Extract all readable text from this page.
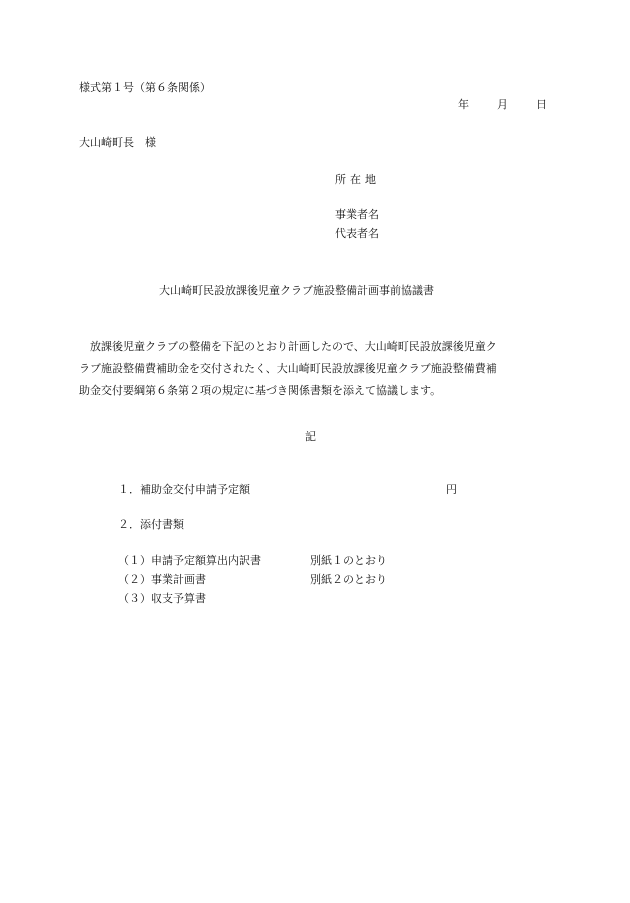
様式第１号（第６条関係）
年	月	日
大山崎町長　様
所在地
事業者名
代表者名
大山崎町民設放課後児童クラブ施設整備計画事前協議書

　放課後児童クラブの整備を下記のとおり計画したので、大山崎町民設放課後児童ク

ラブ施設整備費補助金を交付されたく、大山崎町民設放課後児童クラブ施設整備費補

助金交付要綱第６条第２項の規定に基づき関係書類を添えて協議します。

記
１．補助金交付申請予定額	円
２．添付書類
（１）申請予定額算出内訳書	別紙１のとおり
（２）事業計画書	別紙２のとおり
（３）収支予算書
